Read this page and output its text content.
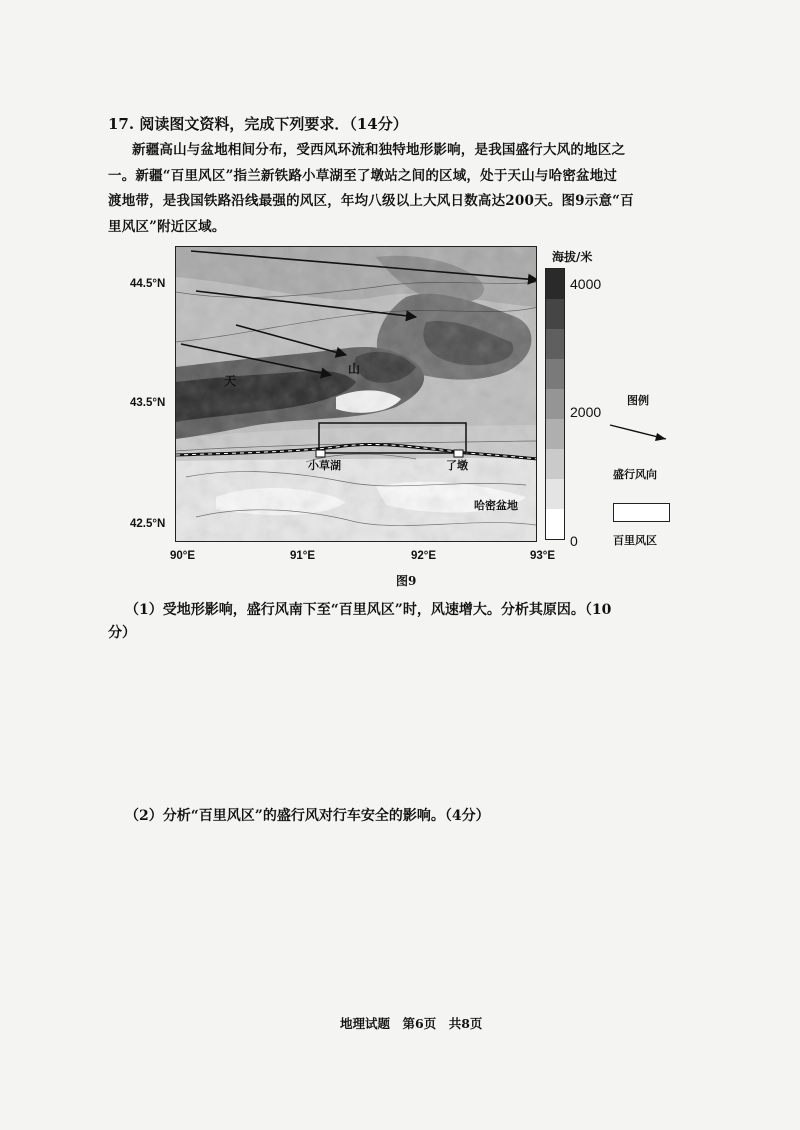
17. 阅读图文资料，完成下列要求．（14分）
新疆高山与盆地相间分布，受西风环流和独特地形影响，是我国盛行大风的地区之
一。新疆“百里风区”指兰新铁路小草湖至了墩站之间的区域，处于天山与哈密盆地过
渡地带，是我国铁路沿线最强的风区，年均八级以上大风日数高达200天。图9示意“百
里风区”附近区域。
天
山
小草湖	了墩
哈密盆地
44.5°N
43.5°N
42.5°N
90°E	91°E	92°E	93°E
海拔/米
4000
2000
0
图例
盛行风向
百里风区
图9
（1）受地形影响，盛行风南下至“百里风区”时，风速增大。分析其原因。（10
分）
（2）分析“百里风区”的盛行风对行车安全的影响。（4分）
地理试题　第6页　共8页
